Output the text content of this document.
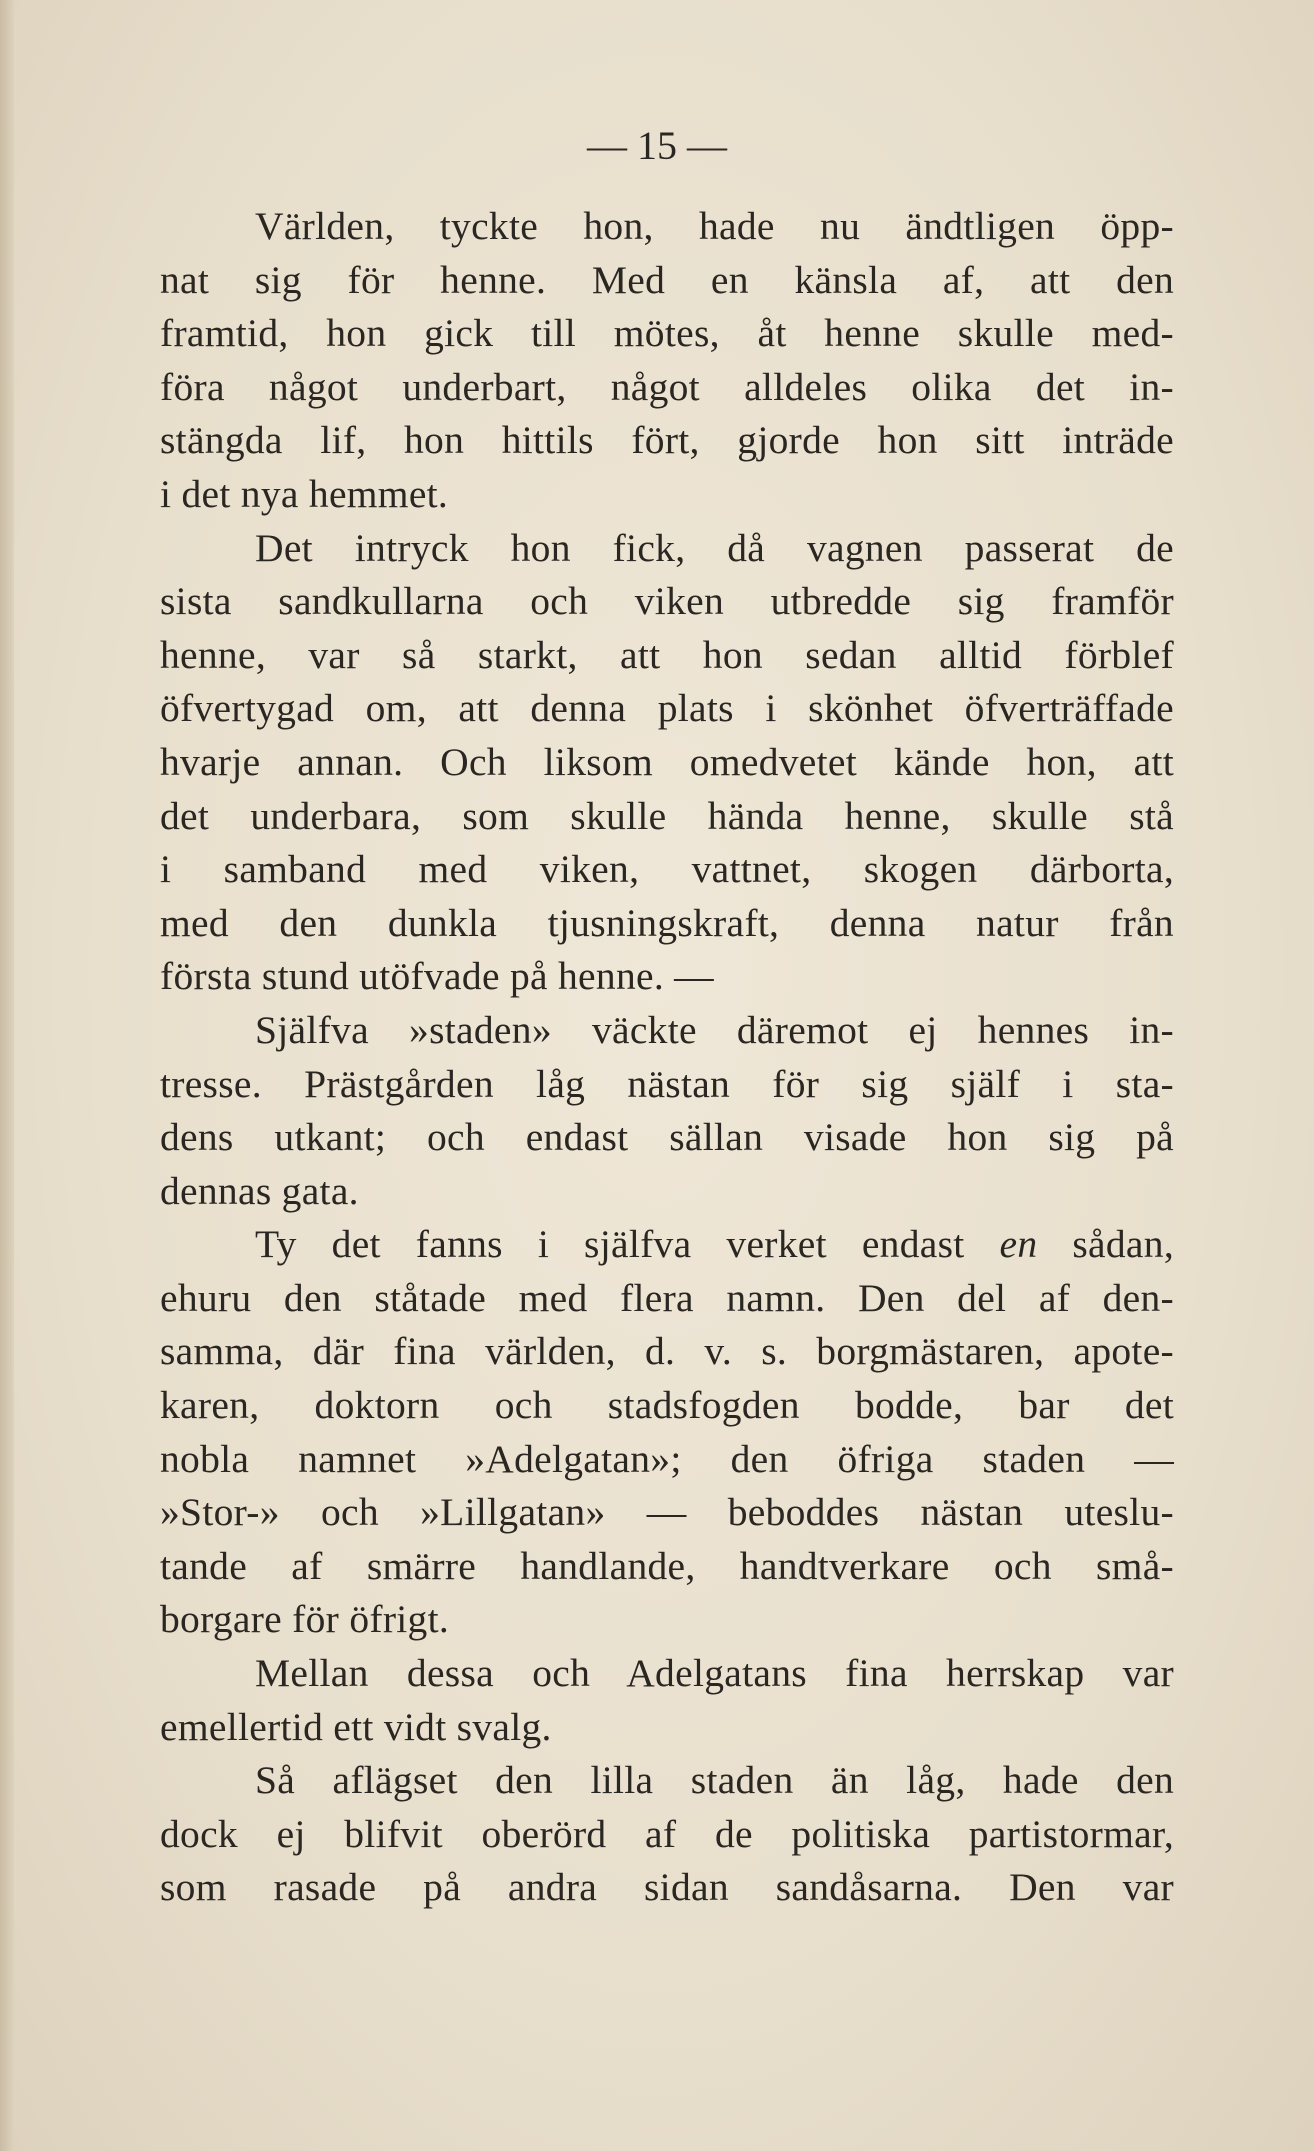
— 15 —
Världen, tyckte hon, hade nu ändtligen öpp-
nat sig för henne. Med en känsla af, att den
framtid, hon gick till mötes, åt henne skulle med-
föra något underbart, något alldeles olika det in-
stängda lif, hon hittils fört, gjorde hon sitt inträde
i det nya hemmet.
Det intryck hon fick, då vagnen passerat de
sista sandkullarna och viken utbredde sig framför
henne, var så starkt, att hon sedan alltid förblef
öfvertygad om, att denna plats i skönhet öfverträffade
hvarje annan. Och liksom omedvetet kände hon, att
det underbara, som skulle hända henne, skulle stå
i samband med viken, vattnet, skogen därborta,
med den dunkla tjusningskraft, denna natur från
första stund utöfvade på henne. —
Själfva »staden» väckte däremot ej hennes in-
tresse. Prästgården låg nästan för sig själf i sta-
dens utkant; och endast sällan visade hon sig på
dennas gata.
Ty det fanns i själfva verket endast en sådan,
ehuru den ståtade med flera namn. Den del af den-
samma, där fina världen, d. v. s. borgmästaren, apote-
karen, doktorn och stadsfogden bodde, bar det
nobla namnet »Adelgatan»; den öfriga staden —
»Stor-» och »Lillgatan» — beboddes nästan uteslu-
tande af smärre handlande, handtverkare och små-
borgare för öfrigt.
Mellan dessa och Adelgatans fina herrskap var
emellertid ett vidt svalg.
Så aflägset den lilla staden än låg, hade den
dock ej blifvit oberörd af de politiska partistormar,
som rasade på andra sidan sandåsarna. Den var
